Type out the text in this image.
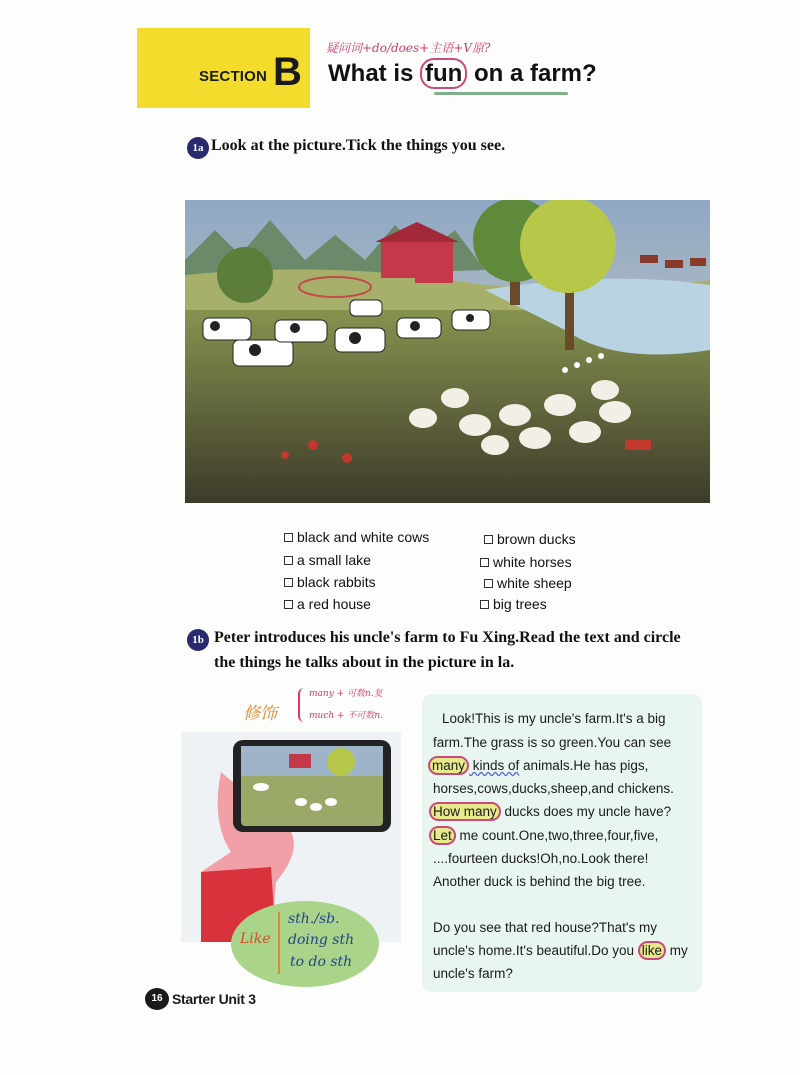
SECTION B
疑问词+do/does+主语+V原?
What is fun on a farm?
1a Look at the picture.Tick the things you see.
black and white cows
a small lake
black rabbits
a red house
brown ducks
white horses
white sheep
big trees
1b Peter introduces his uncle's farm to Fu Xing.Read the text and circle
the things he talks about in the picture in la.
修饰
many + 可数n.复
much + 不可数n.
Like
sth./sb.
doing sth
to do sth
Look!This is my uncle's farm.It's a big
farm.The grass is so green.You can see
many kinds of animals.He has pigs,
horses,cows,ducks,sheep,and chickens.
How many ducks does my uncle have?
Let me count.One,two,three,four,five,
....fourteen ducks!Oh,no.Look there!
Another duck is behind the big tree.
Do you see that red house?That's my
uncle's home.It's beautiful.Do you like my
uncle's farm?
16 Starter Unit 3
